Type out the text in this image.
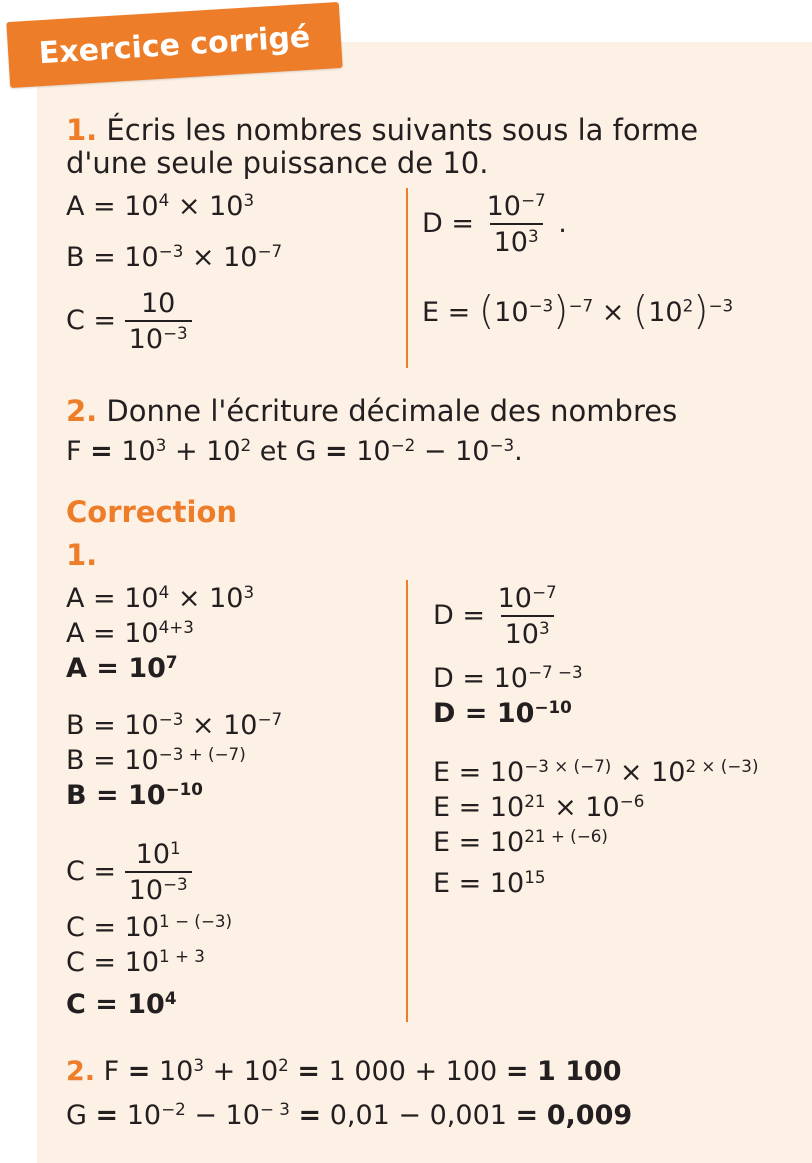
Exercice corrigé
1. Écris les nombres suivants sous la forme
d'une seule puissance de 10.
$A = 10^4 \times 10^3$
$B = 10^{-3} \times 10^{-7}$
$C = \frac{10}{10^{-3}}$
$D = \frac{10^{-7}}{10^3}$ .
$E = (10^{-3})^{-7} \times (10^2)^{-3}$
2. Donne l'écriture décimale des nombres
$F = 10^3 + 10^2$ et $G = 10^{-2} - 10^{-3}$.
Correction
1.
$A = 10^4 \times 10^3$
$A = 10^{4+3}$
$A = 10^7$
$B = 10^{-3} \times 10^{-7}$
$B = 10^{-3 + (-7)}$
$B = 10^{-10}$
$C = \frac{10^1}{10^{-3}}$
$C = 10^{1 - (-3)}$
$C = 10^{1 + 3}$
$C = 10^4$
$D = \frac{10^{-7}}{10^3}$
$D = 10^{-7 -3}$
$D = 10^{-10}$
$E = 10^{-3 \times (-7)} \times 10^{2 \times (-3)}$
$E = 10^{21} \times 10^{-6}$
$E = 10^{21 + (-6)}$
$E = 10^{15}$
2. $F = 10^3 + 10^2 = 1$ 000 + 100 = 1 100
$G = 10^{-2} - 10^{- 3} = 0,01 - 0,001 = 0,009$
